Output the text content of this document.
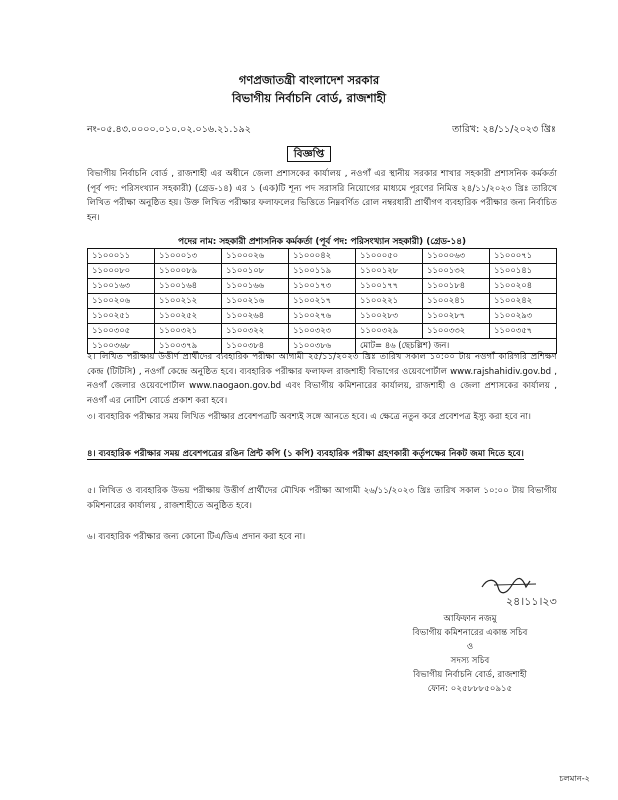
গণপ্রজাতন্ত্রী বাংলাদেশ সরকার
বিভাগীয় নির্বাচনি বোর্ড, রাজশাহী
নং-০৫.৪৩.০০০০.০১০.০২.০১৬.২১.১৯২	তারিখ: ২৪/১১/২০২৩ খ্রিঃ
বিজ্ঞপ্তি
বিভাগীয় নির্বাচনি বোর্ড , রাজশাহী এর অধীনে জেলা প্রশাসকের কার্যালয় , নওগাঁ এর স্থানীয় সরকার শাখার সহকারী প্রশাসনিক কর্মকর্তা (পূর্ব পদ: পরিসংখ্যান সহকারী) (গ্রেড-১৪) এর ১ (এক)টি শূন্য পদ সরাসরি নিয়োগের মাধ্যমে পূরণের নিমিত্ত ২৪/১১/২০২৩ খ্রিঃ তারিখে লিখিত পরীক্ষা অনুষ্ঠিত হয়। উক্ত লিখিত পরীক্ষার ফলাফলের ভিত্তিতে নিম্নবর্ণিত রোল নম্বরধারী প্রার্থীগণ ব্যবহারিক পরীক্ষার জন্য নির্বাচিত হন।
পদের নাম: সহকারী প্রশাসনিক কর্মকর্তা (পূর্ব পদ: পরিসংখ্যান সহকারী) (গ্রেড-১৪)
১১০০০১১	১১০০০১৩	১১০০০২৬	১১০০০৪২	১১০০০৫০	১১০০০৬৩	১১০০০৭১
১১০০০৮০	১১০০০৮৯	১১০০১০৮	১১০০১১৯	১১০০১২৮	১১০০১৩২	১১০০১৪১
১১০০১৬৩	১১০০১৬৪	১১০০১৬৬	১১০০১৭৩	১১০০১৭৭	১১০০১৮৪	১১০০২০৪
১১০০২০৬	১১০০২১২	১১০০২১৬	১১০০২১৭	১১০০২২১	১১০০২৪১	১১০০২৪২
১১০০২৫১	১১০০২৫২	১১০০২৬৪	১১০০২৭৬	১১০০২৮৩	১১০০২৮৭	১১০০২৯৩
১১০০৩০৫	১১০০৩২১	১১০০৩২২	১১০০৩২৩	১১০০৩২৯	১১০০৩৩২	১১০০৩৫৭
১১০০৩৬৮	১১০০৩৭৯	১১০০৩৮৪	১১০০৩৮৬	মোট= ৪৬ (ছেচল্লিশ) জন।		
২। লিখিত পরীক্ষায় উত্তীর্ণ প্রার্থীদের ব্যবহারিক পরীক্ষা আগামী ২৫/১১/২০২৩ খ্রিঃ তারিখ সকাল ১০:০০ টায় নওগাঁ কারিগরি প্রশিক্ষণ কেন্দ্র (টিটিসি) , নওগাঁ কেন্দ্রে অনুষ্ঠিত হবে। ব্যবহারিক পরীক্ষার ফলাফল রাজশাহী বিভাগের ওয়েবপোর্টাল www.rajshahidiv.gov.bd , নওগাঁ জেলার ওয়েবপোর্টাল www.naogaon.gov.bd এবং বিভাগীয় কমিশনারের কার্যালয়, রাজশাহী ও জেলা প্রশাসকের কার্যালয় , নওগাঁ এর নোটিশ বোর্ডে প্রকাশ করা হবে।
৩। ব্যবহারিক পরীক্ষার সময় লিখিত পরীক্ষার প্রবেশপত্রটি অবশ্যই সঙ্গে আনতে হবে। এ ক্ষেত্রে নতুন করে প্রবেশপত্র ইস্যু করা হবে না।
৪। ব্যবহারিক পরীক্ষার সময় প্রবেশপত্রের রঙিন প্রিন্ট কপি (১ কপি) ব্যবহারিক পরীক্ষা গ্রহণকারী কর্তৃপক্ষের নিকট জমা দিতে হবে।
৫। লিখিত ও ব্যবহারিক উভয় পরীক্ষায় উত্তীর্ণ প্রার্থীদের মৌখিক পরীক্ষা আগামী ২৬/১১/২০২৩ খ্রিঃ তারিখ সকাল ১০:০০ টায় বিভাগীয় কমিশনারের কার্যালয় , রাজশাহীতে অনুষ্ঠিত হবে।
৬। ব্যবহারিক পরীক্ষার জন্য কোনো টিএ/ডিএ প্রদান করা হবে না।
২৪।১১।২৩
আফিফান নজমু
বিভাগীয় কমিশনারের একান্ত সচিব
ও
সদস্য সচিব
বিভাগীয় নির্বাচনি বোর্ড, রাজশাহী
ফোন: ০২৫৮৮৮৫০৯১৫
চলমান-২
